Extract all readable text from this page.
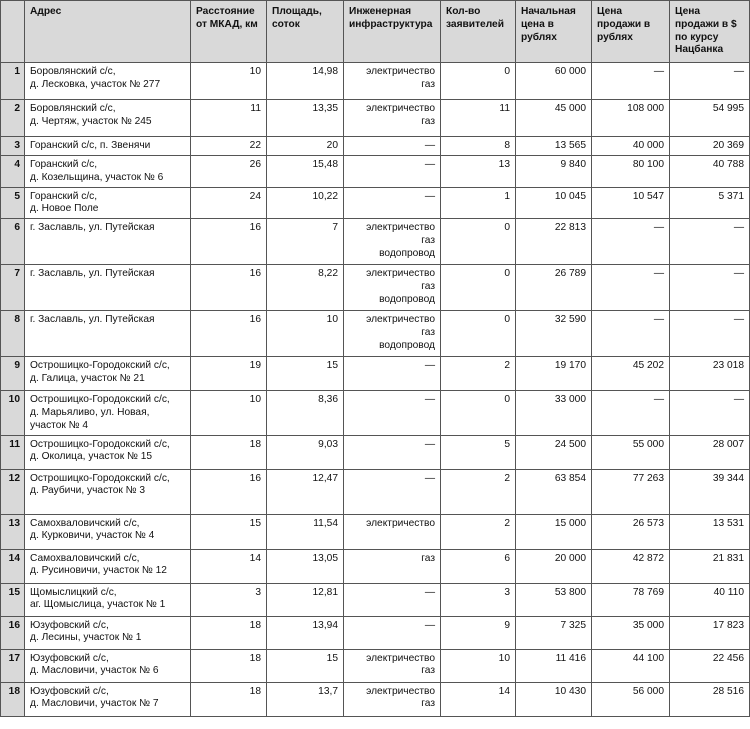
	Адрес	Расстояние
от МКАД, км	Площадь,
соток	Инженерная
инфраструктура	Кол-во
заявителей	Начальная
цена в
рублях	Цена
продажи в
рублях	Цена
продажи в $
по курсу
Нацбанка
1	Боровлянский с/с,
д. Лесковка, участок № 277	10	14,98	электричество
газ	0	60 000	—	—
2	Боровлянский с/с,
д. Чертяж, участок № 245	11	13,35	электричество
газ	11	45 000	108 000	54 995
3	Горанский с/с, п. Звенячи	22	20	—	8	13 565	40 000	20 369
4	Горанский с/с,
д. Козельщина, участок № 6	26	15,48	—	13	9 840	80 100	40 788
5	Горанский с/с,
д. Новое Поле	24	10,22	—	1	10 045	10 547	5 371
6	г. Заславль, ул. Путейская	16	7	электричество
газ
водопровод	0	22 813	—	—
7	г. Заславль, ул. Путейская	16	8,22	электричество
газ
водопровод	0	26 789	—	—
8	г. Заславль, ул. Путейская	16	10	электричество
газ
водопровод	0	32 590	—	—
9	Острошицко-Городокский с/с,
д. Галица, участок № 21	19	15	—	2	19 170	45 202	23 018
10	Острошицко-Городокский с/с,
д. Марьяливо, ул. Новая,
участок № 4	10	8,36	—	0	33 000	—	—
11	Острошицко-Городокский с/с,
д. Околица, участок № 15	18	9,03	—	5	24 500	55 000	28 007
12	Острошицко-Городокский с/с,
д. Раубичи, участок № 3	16	12,47	—	2	63 854	77 263	39 344
13	Самохваловичский с/с,
д. Курковичи, участок № 4	15	11,54	электричество	2	15 000	26 573	13 531
14	Самохваловичский с/с,
д. Русиновичи, участок № 12	14	13,05	газ	6	20 000	42 872	21 831
15	Щомыслицкий с/с,
аг. Щомыслица, участок № 1	3	12,81	—	3	53 800	78 769	40 110
16	Юзуфовский с/с,
д. Лесины, участок № 1	18	13,94	—	9	7 325	35 000	17 823
17	Юзуфовский с/с,
д. Масловичи, участок № 6	18	15	электричество
газ	10	11 416	44 100	22 456
18	Юзуфовский с/с,
д. Масловичи, участок № 7	18	13,7	электричество
газ	14	10 430	56 000	28 516
